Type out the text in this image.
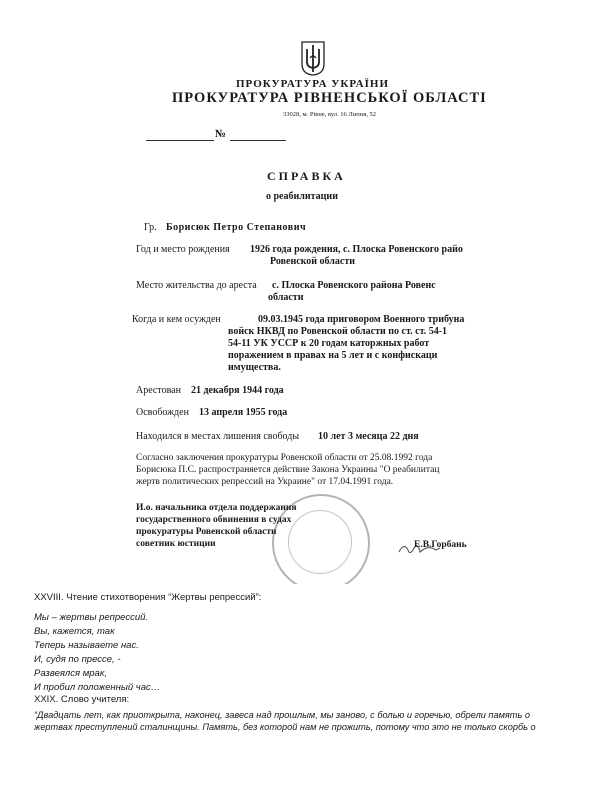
ПРОКУРАТУРА УКРАЇНИ
ПРОКУРАТУРА РІВНЕНСЬКОЇ ОБЛАСТІ
33028, м. Рівне, вул. 16 Липня, 52
№
СПРАВКА
о реабилитации
Гр. Борисюк Петро Степанович
Год и место рождения 1926 года рождения, с. Плоска Ровенского райо
Ровенской области
Место жительства до ареста с. Плоска Ровенского района Ровенс
области
Когда и кем осужден	09.03.1945 года приговором Военного трибуна
войск НКВД по Ровенской области по ст. ст. 54-1
54-11 УК УССР к 20 годам каторжных работ
поражением в правах на 5 лет и с конфискаци
имущества.
Арестован 21 декабря 1944 года
Освобожден 13 апреля 1955 года
Находился в местах лишения свободы 10 лет 3 месяца 22 дня
Согласно заключения прокуратуры Ровенской области от 25.08.1992 года
Борисюка П.С. распространяется действие Закона Украины "О реабилитац
жертв политических репрессий на Украине" от 17.04.1991 года.
И.о. начальника отдела поддержания
государственного обвинения в судах
прокуратуры Ровенской области
советник юстиции	Е.В.Горбань
XXVIII. Чтение стихотворения “Жертвы репрессий”:
Мы – жертвы репрессий.
Вы, кажется, так
Теперь называете нас.
И, судя по прессе, -
Развеялся мрак,
И пробил положенный час…
XXIX. Слово учителя:
“Двадцать лет, как приоткрыта, наконец, завеса над прошлым, мы заново, с болью и горечью, обрели память о
жертвах преступлений сталинщины. Память, без которой нам не прожить, потому что это не только скорбь о
